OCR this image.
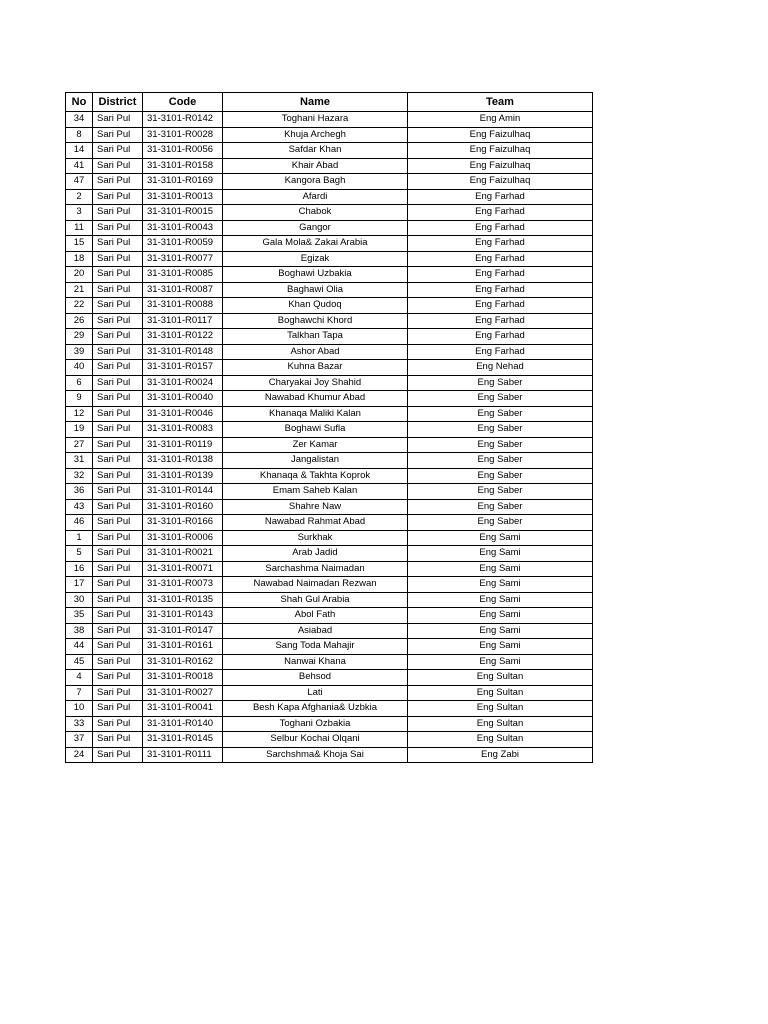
No	District	Code	Name	Team
34	Sari Pul	31-3101-R0142	Toghani Hazara	Eng Amin
8	Sari Pul	31-3101-R0028	Khuja Archegh	Eng Faizulhaq
14	Sari Pul	31-3101-R0056	Safdar Khan	Eng Faizulhaq
41	Sari Pul	31-3101-R0158	Khair Abad	Eng Faizulhaq
47	Sari Pul	31-3101-R0169	Kangora Bagh	Eng Faizulhaq
2	Sari Pul	31-3101-R0013	Afardi	Eng Farhad
3	Sari Pul	31-3101-R0015	Chabok	Eng Farhad
11	Sari Pul	31-3101-R0043	Gangor	Eng Farhad
15	Sari Pul	31-3101-R0059	Gala Mola& Zakai Arabia	Eng Farhad
18	Sari Pul	31-3101-R0077	Egizak	Eng Farhad
20	Sari Pul	31-3101-R0085	Boghawi Uzbakia	Eng Farhad
21	Sari Pul	31-3101-R0087	Baghawi Olia	Eng Farhad
22	Sari Pul	31-3101-R0088	Khan Qudoq	Eng Farhad
26	Sari Pul	31-3101-R0117	Boghawchi Khord	Eng Farhad
29	Sari Pul	31-3101-R0122	Talkhan Tapa	Eng Farhad
39	Sari Pul	31-3101-R0148	Ashor Abad	Eng Farhad
40	Sari Pul	31-3101-R0157	Kuhna Bazar	Eng Nehad
6	Sari Pul	31-3101-R0024	Charyakai Joy Shahid	Eng Saber
9	Sari Pul	31-3101-R0040	Nawabad Khumur Abad	Eng Saber
12	Sari Pul	31-3101-R0046	Khanaqa Maliki Kalan	Eng Saber
19	Sari Pul	31-3101-R0083	Boghawi Sufla	Eng Saber
27	Sari Pul	31-3101-R0119	Zer Kamar	Eng Saber
31	Sari Pul	31-3101-R0138	Jangalistan	Eng Saber
32	Sari Pul	31-3101-R0139	Khanaqa & Takhta Koprok	Eng Saber
36	Sari Pul	31-3101-R0144	Emam Saheb Kalan	Eng Saber
43	Sari Pul	31-3101-R0160	Shahre Naw	Eng Saber
46	Sari Pul	31-3101-R0166	Nawabad Rahmat Abad	Eng Saber
1	Sari Pul	31-3101-R0006	Surkhak	Eng Sami
5	Sari Pul	31-3101-R0021	Arab Jadid	Eng Sami
16	Sari Pul	31-3101-R0071	Sarchashma Naimadan	Eng Sami
17	Sari Pul	31-3101-R0073	Nawabad Naimadan Rezwan	Eng Sami
30	Sari Pul	31-3101-R0135	Shah Gul Arabia	Eng Sami
35	Sari Pul	31-3101-R0143	Abol Fath	Eng Sami
38	Sari Pul	31-3101-R0147	Asiabad	Eng Sami
44	Sari Pul	31-3101-R0161	Sang Toda Mahajir	Eng Sami
45	Sari Pul	31-3101-R0162	Nanwai Khana	Eng Sami
4	Sari Pul	31-3101-R0018	Behsod	Eng Sultan
7	Sari Pul	31-3101-R0027	Lati	Eng Sultan
10	Sari Pul	31-3101-R0041	Besh Kapa Afghania& Uzbkia	Eng Sultan
33	Sari Pul	31-3101-R0140	Toghani Ozbakia	Eng Sultan
37	Sari Pul	31-3101-R0145	Selbur Kochai Olqani	Eng Sultan
24	Sari Pul	31-3101-R0111	Sarchshma& Khoja Sai	Eng Zabi
